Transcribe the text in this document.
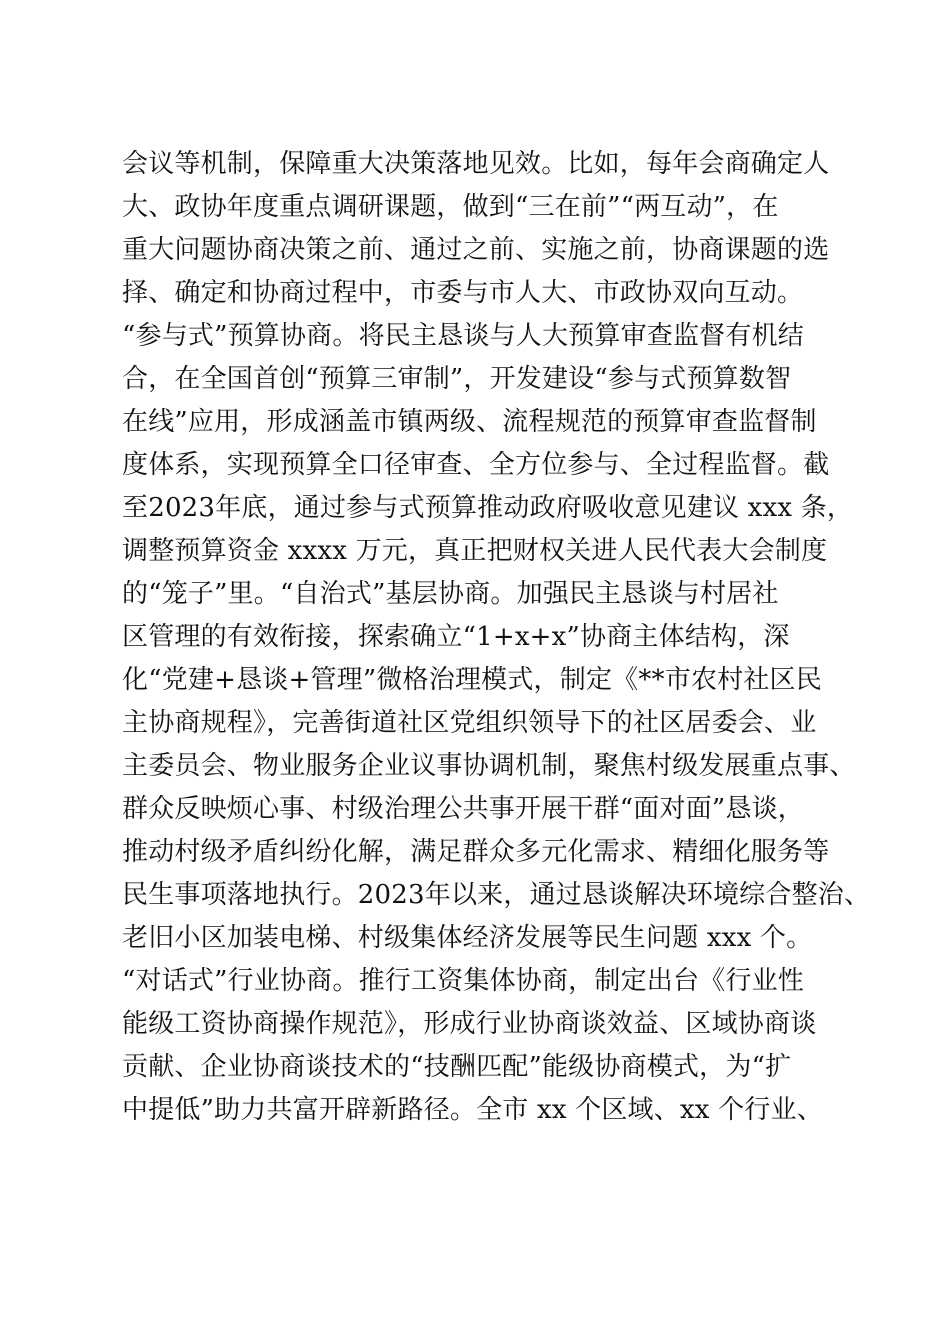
会议等机制，保障重大决策落地见效。比如，每年会商确定人
大、政协年度重点调研课题，做到“三在前”“两互动”，在
重大问题协商决策之前、通过之前、实施之前，协商课题的选
择、确定和协商过程中，市委与市人大、市政协双向互动。
“参与式”预算协商。将民主恳谈与人大预算审查监督有机结
合，在全国首创“预算三审制”，开发建设“参与式预算数智
在线”应用，形成涵盖市镇两级、流程规范的预算审查监督制
度体系，实现预算全口径审查、全方位参与、全过程监督。截
至2023年底，通过参与式预算推动政府吸收意见建议 xxx 条，
调整预算资金 xxxx 万元，真正把财权关进人民代表大会制度
的“笼子”里。“自治式”基层协商。加强民主恳谈与村居社
区管理的有效衔接，探索确立“1+x+x”协商主体结构，深
化“党建+恳谈+管理”微格治理模式，制定《**市农村社区民
主协商规程》，完善街道社区党组织领导下的社区居委会、业
主委员会、物业服务企业议事协调机制，聚焦村级发展重点事、
群众反映烦心事、村级治理公共事开展干群“面对面”恳谈，
推动村级矛盾纠纷化解，满足群众多元化需求、精细化服务等
民生事项落地执行。2023年以来，通过恳谈解决环境综合整治、
老旧小区加装电梯、村级集体经济发展等民生问题 xxx 个。
“对话式”行业协商。推行工资集体协商，制定出台《行业性
能级工资协商操作规范》，形成行业协商谈效益、区域协商谈
贡献、企业协商谈技术的“技酬匹配”能级协商模式，为“扩
中提低”助力共富开辟新路径。全市 xx 个区域、xx 个行业、
